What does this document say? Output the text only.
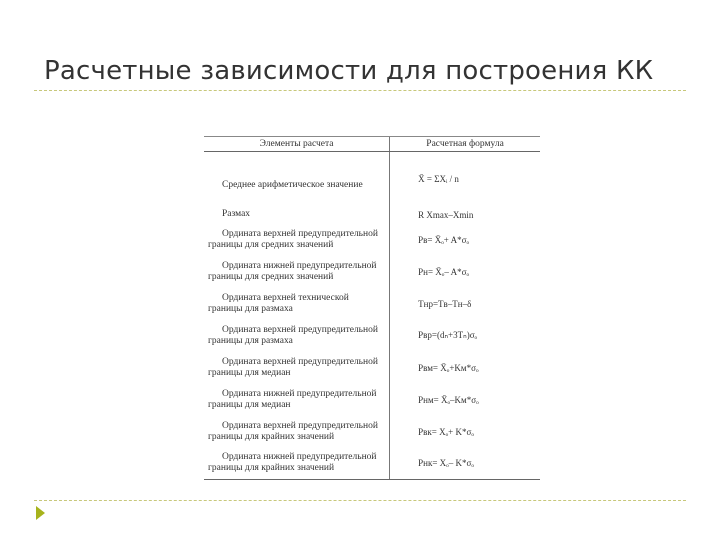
Расчетные зависимости для построения КК
Элементы расчета	Расчетная формула
Среднее арифметическое значение	X̄ = ΣXᵢ / n
Размах	R Xmax–Xmin
Ордината верхней предупредительной
границы для средних значений	Pв= X̄ₒ+ A*σₒ
Ордината нижней предупредительной
границы для средних значений	Pн= X̄ₒ– A*σₒ
Ордината верхней технической
границы для размаха	Tнр=Tв–Tн–δ
Ордината верхней предупредительной
границы для размаха	Pвр=(dₙ+3Tₙ)σₒ
Ордината верхней предупредительной
границы для медиан	Pвм= X̄ₒ+Kм*σₒ
Ордината нижней предупредительной
границы для медиан	Pнм= X̄ₒ–Kм*σₒ
Ордината верхней предупредительной
границы для крайних значений	Pвк= Xₒ+ K*σₒ
Ордината нижней предупредительной
границы для крайних значений	Pнк= Xₒ– K*σₒ
